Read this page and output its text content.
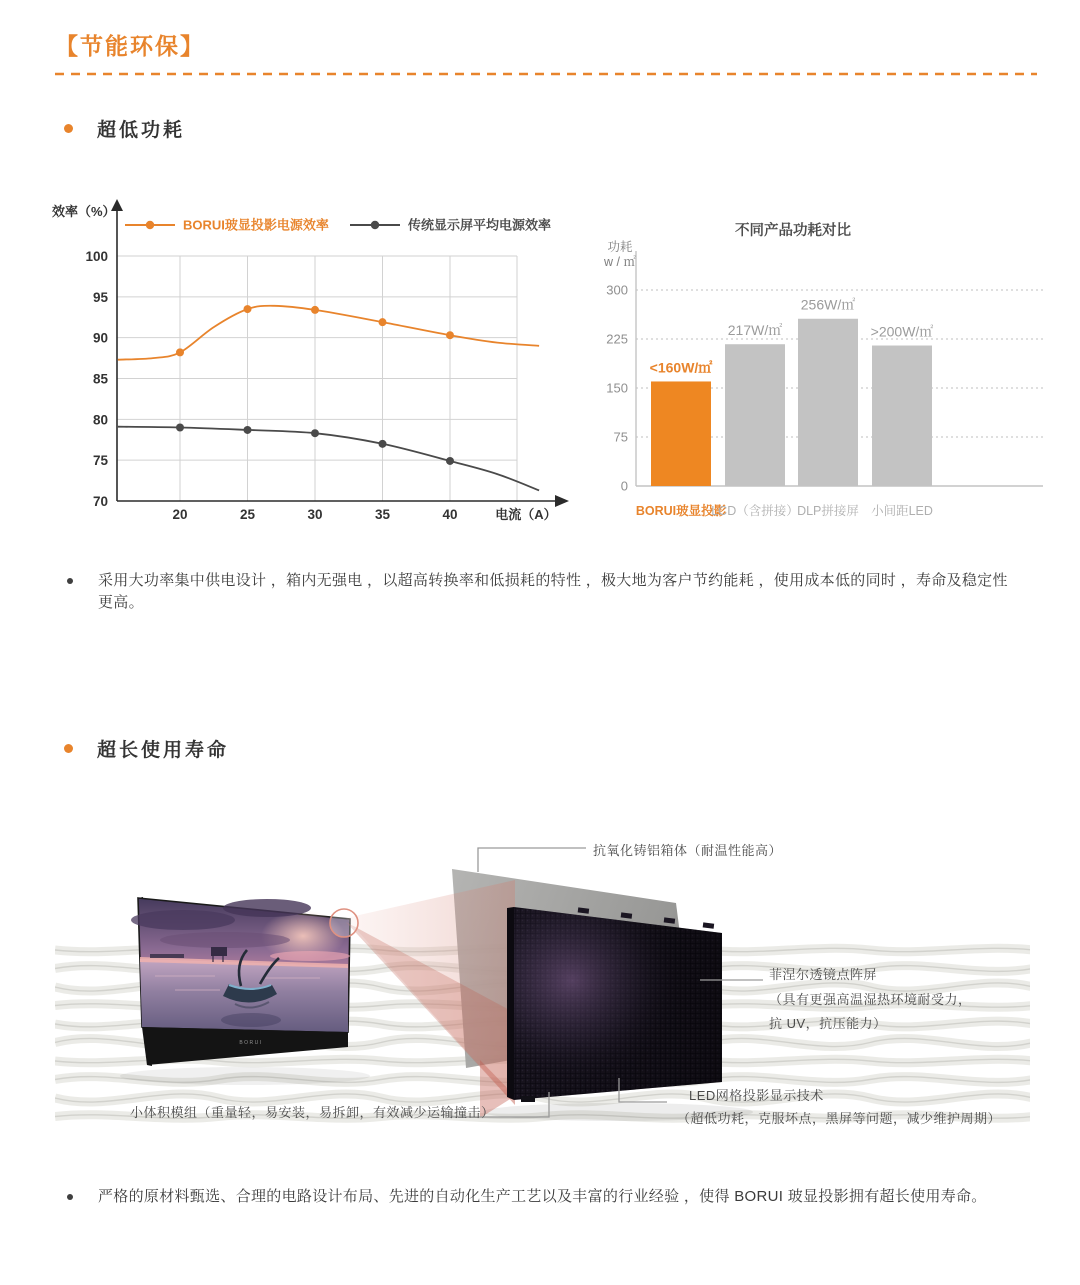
【节能环保】
超低功耗
70
75
80
85
90
95
100
20	25	30	35	40	电流（A）
效率（%）
BORUI玻显投影电源效率	传统显示屏平均电源效率	不同产品功耗对比
功耗
w / ㎡
0
75
150
225
300
<160W/㎡
BORUI玻显投影
217W/㎡
LCD（含拼接）
256W/㎡
DLP拼接屏
>200W/㎡
小间距LED
采用大功率集中供电设计 ，箱内无强电 ，以超高转换率和低损耗的特性 ，极大地为客户节约能耗 ，使用成本低的同时 ，寿命及稳定性更高。
超长使用寿命
BORUI
抗氧化铸铝箱体（耐温性能高）
菲涅尔透镜点阵屏
（具有更强高温湿热环境耐受力，
抗 UV，抗压能力）
LED网格投影显示技术
（超低功耗，克服坏点，黑屏等问题，减少维护周期）
小体积模组（重量轻，易安装，易拆卸，有效减少运输撞击）
严格的原材料甄选、合理的电路设计布局、先进的自动化生产工艺以及丰富的行业经验 ，使得 BORUI 玻显投影拥有超长使用寿命。
